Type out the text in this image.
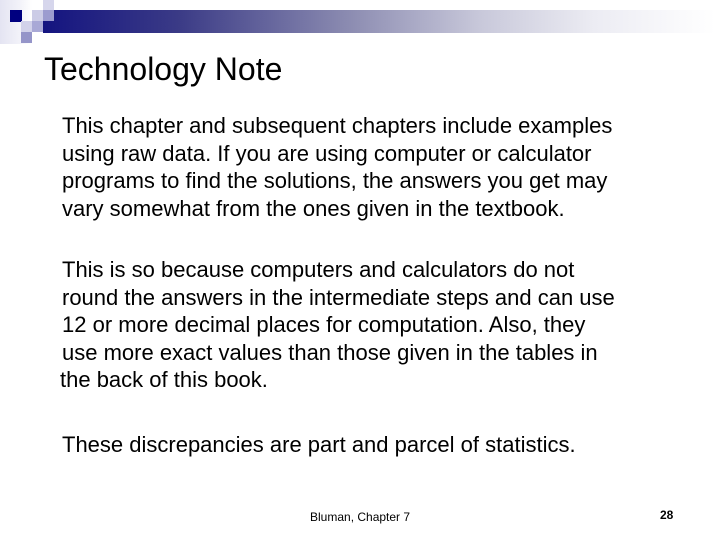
Technology Note
This chapter and subsequent chapters include examples
using raw data. If you are using computer or calculator
programs to find the solutions, the answers you get may
vary somewhat from the ones given in the textbook.
This is so because computers and calculators do not
round the answers in the intermediate steps and can use
12 or more decimal places for computation. Also, they
use more exact values than those given in the tables in
the back of this book.
These discrepancies are part and parcel of statistics.
Bluman, Chapter 7	28
